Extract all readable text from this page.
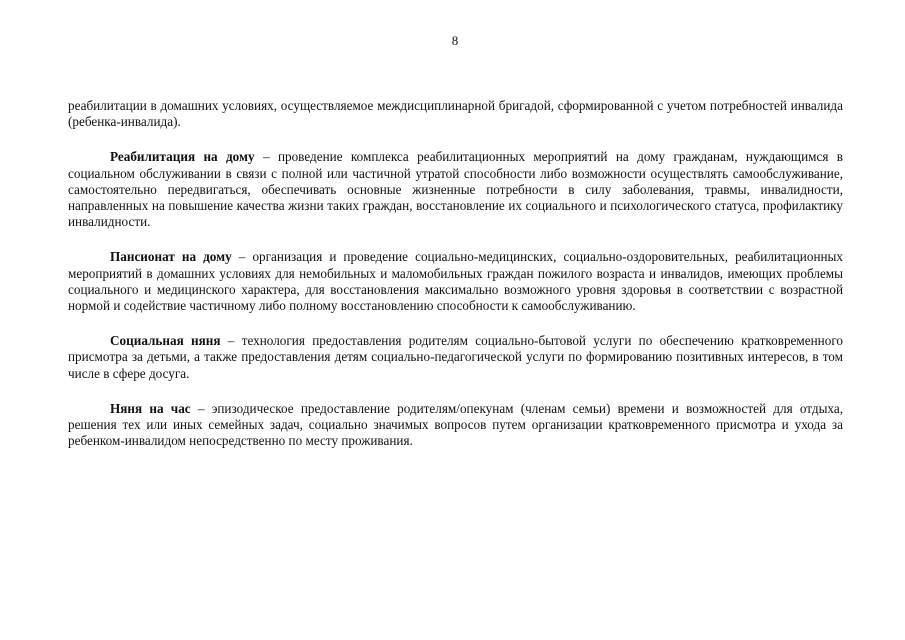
8

реабилитации в домашних условиях, осуществляемое междисциплинарной бригадой, сформированной с учетом потребностей инвалида (ребенка-инвалида).

Реабилитация на дому – проведение комплекса реабилитационных мероприятий на дому гражданам, нуждающимся в социальном обслуживании в связи с полной или частичной утратой способности либо возможности осуществлять самообслуживание, самостоятельно передвигаться, обеспечивать основные жизненные потребности в силу заболевания, травмы, инвалидности, направленных на повышение качества жизни таких граждан, восстановление их социального и психологического статуса, профилактику инвалидности.

Пансионат на дому – организация и проведение социально-медицинских, социально-оздоровительных, реабилитационных мероприятий в домашних условиях для немобильных и маломобильных граждан пожилого возраста и инвалидов, имеющих проблемы социального и медицинского характера, для восстановления максимально возможного уровня здоровья в соответствии с возрастной нормой и содействие частичному либо полному восстановлению способности к самообслуживанию.

Социальная няня – технология предоставления родителям социально-бытовой услуги по обеспечению кратковременного присмотра за детьми, а также предоставления детям социально-педагогической услуги по формированию позитивных интересов, в том числе в сфере досуга.

Няня на час – эпизодическое предоставление родителям/опекунам (членам семьи) времени и возможностей для отдыха, решения тех или иных семейных задач, социально значимых вопросов путем организации кратковременного присмотра и ухода за ребенком-инвалидом непосредственно по месту проживания.
